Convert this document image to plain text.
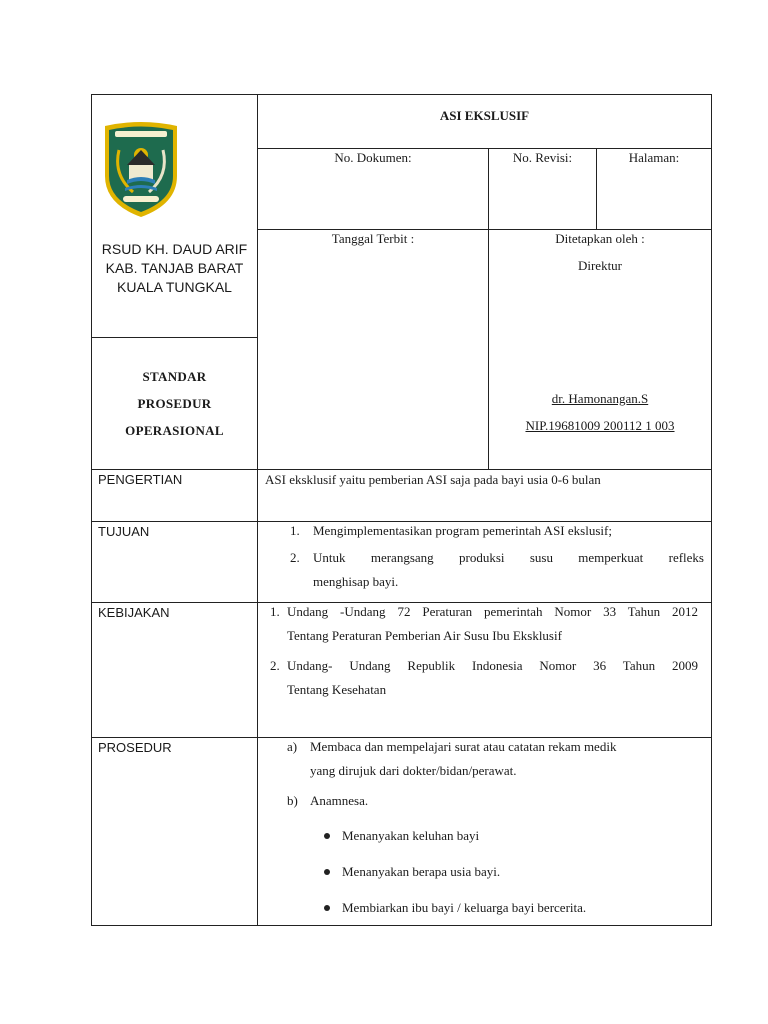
RSUD KH. DAUD ARIF
KAB. TANJAB BARAT
KUALA TUNGKAL
STANDAR
PROSEDUR
OPERASIONAL
ASI EKSLUSIF
No. Dokumen:	No. Revisi:	Halaman:
Tanggal Terbit :	Ditetapkan oleh :
Direktur
dr. Hamonangan.S
NIP.19681009 200112 1 003
PENGERTIAN	ASI eksklusif yaitu pemberian ASI saja pada bayi usia 0-6 bulan
TUJUAN	1. Mengimplementasikan program pemerintah ASI ekslusif;
2.	Untuk merangsang produksi susu memperkuat refleks
menghisap bayi.
KEBIJAKAN	1. Undang -Undang 72 Peraturan pemerintah Nomor 33 Tahun 2012
Tentang Peraturan Pemberian Air Susu Ibu Eksklusif
2. Undang- Undang Republik Indonesia Nomor 36 Tahun 2009
Tentang Kesehatan
PROSEDUR	a) Membaca dan mempelajari surat atau catatan rekam medik
yang dirujuk dari dokter/bidan/perawat.
b) Anamnesa.
Menanyakan keluhan bayi
Menanyakan berapa usia bayi.
Membiarkan ibu bayi / keluarga bayi bercerita.
